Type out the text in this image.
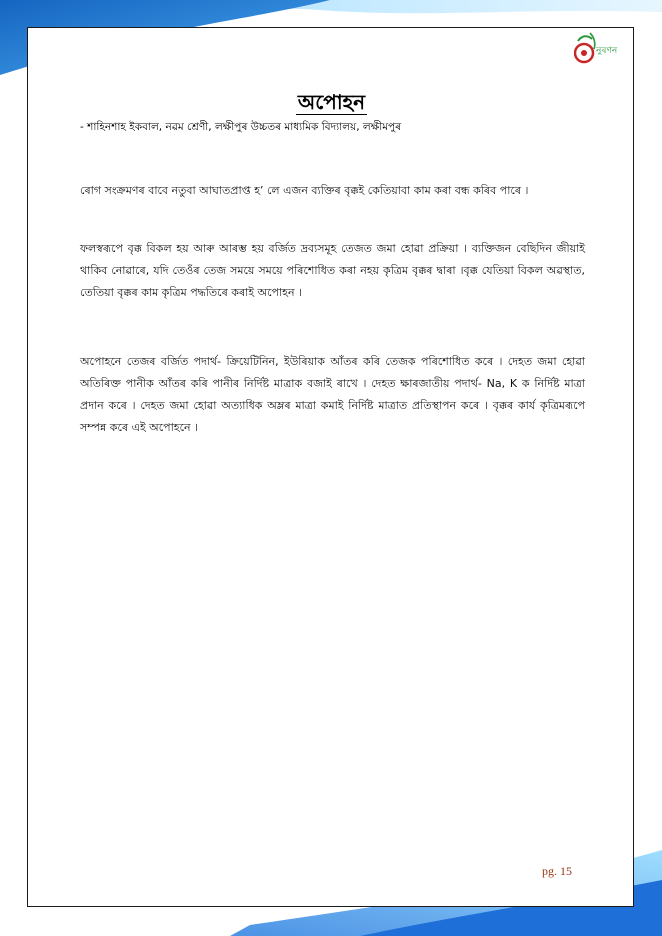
নুৰণন
অপোহন
- শাহিনশাহ ইকবাল, নৱম শ্ৰেণী, লক্ষীপুৰ উচ্চতৰ মাধ্যমিক বিদ্যালয়, লক্ষীমপুৰ

ৰোগ সংক্ৰমণৰ বাবে নতুবা আঘাতপ্ৰাপ্ত হ’ লে এজন ব্যক্তিৰ বৃক্কই কেতিয়াবা কাম কৰা বন্ধ কৰিব পাৰে ।

ফলস্বৰূপে বৃক্ক বিকল হয় আৰু আৰম্ভ হয় বৰ্জিত দ্ৰব্যসমূহ তেজত জমা হোৱা প্ৰক্ৰিয়া । ব্যক্তিজন বেছিদিন জীয়াই থাকিব নোৱাৰে, যদি তেওঁৰ তেজ সময়ে সময়ে পৰিশোধিত কৰা নহয় কৃত্ৰিম বৃক্কৰ দ্বাৰা ।বৃক্ক যেতিয়া বিকল অৱস্থাত, তেতিয়া বৃক্কৰ কাম কৃত্ৰিম পদ্ধতিৰে কৰাই অপোহন ।

অপোহনে তেজৰ বৰ্জিত পদাৰ্থ- ক্ৰিয়েটিনিন, ইউৰিয়াক আঁতৰ কৰি তেজক পৰিশোধিত কৰে । দেহত জমা হোৱা অতিৰিক্ত পানীক আঁতৰ কৰি পানীৰ নিৰ্দিষ্ট মাত্ৰাক বজাই ৰাখে । দেহত ক্ষাৰজাতীয় পদাৰ্থ- Na, K ক নিৰ্দিষ্ট মাত্ৰা প্ৰদান কৰে । দেহত জমা হোৱা অত্যাধিক অম্লৰ মাত্ৰা কমাই নিৰ্দিষ্ট মাত্ৰাত প্ৰতিস্থাপন কৰে । বৃক্কৰ কাৰ্য কৃত্ৰিমৰূপে সম্পন্ন কৰে এই অপোহনে ।

pg. 15
